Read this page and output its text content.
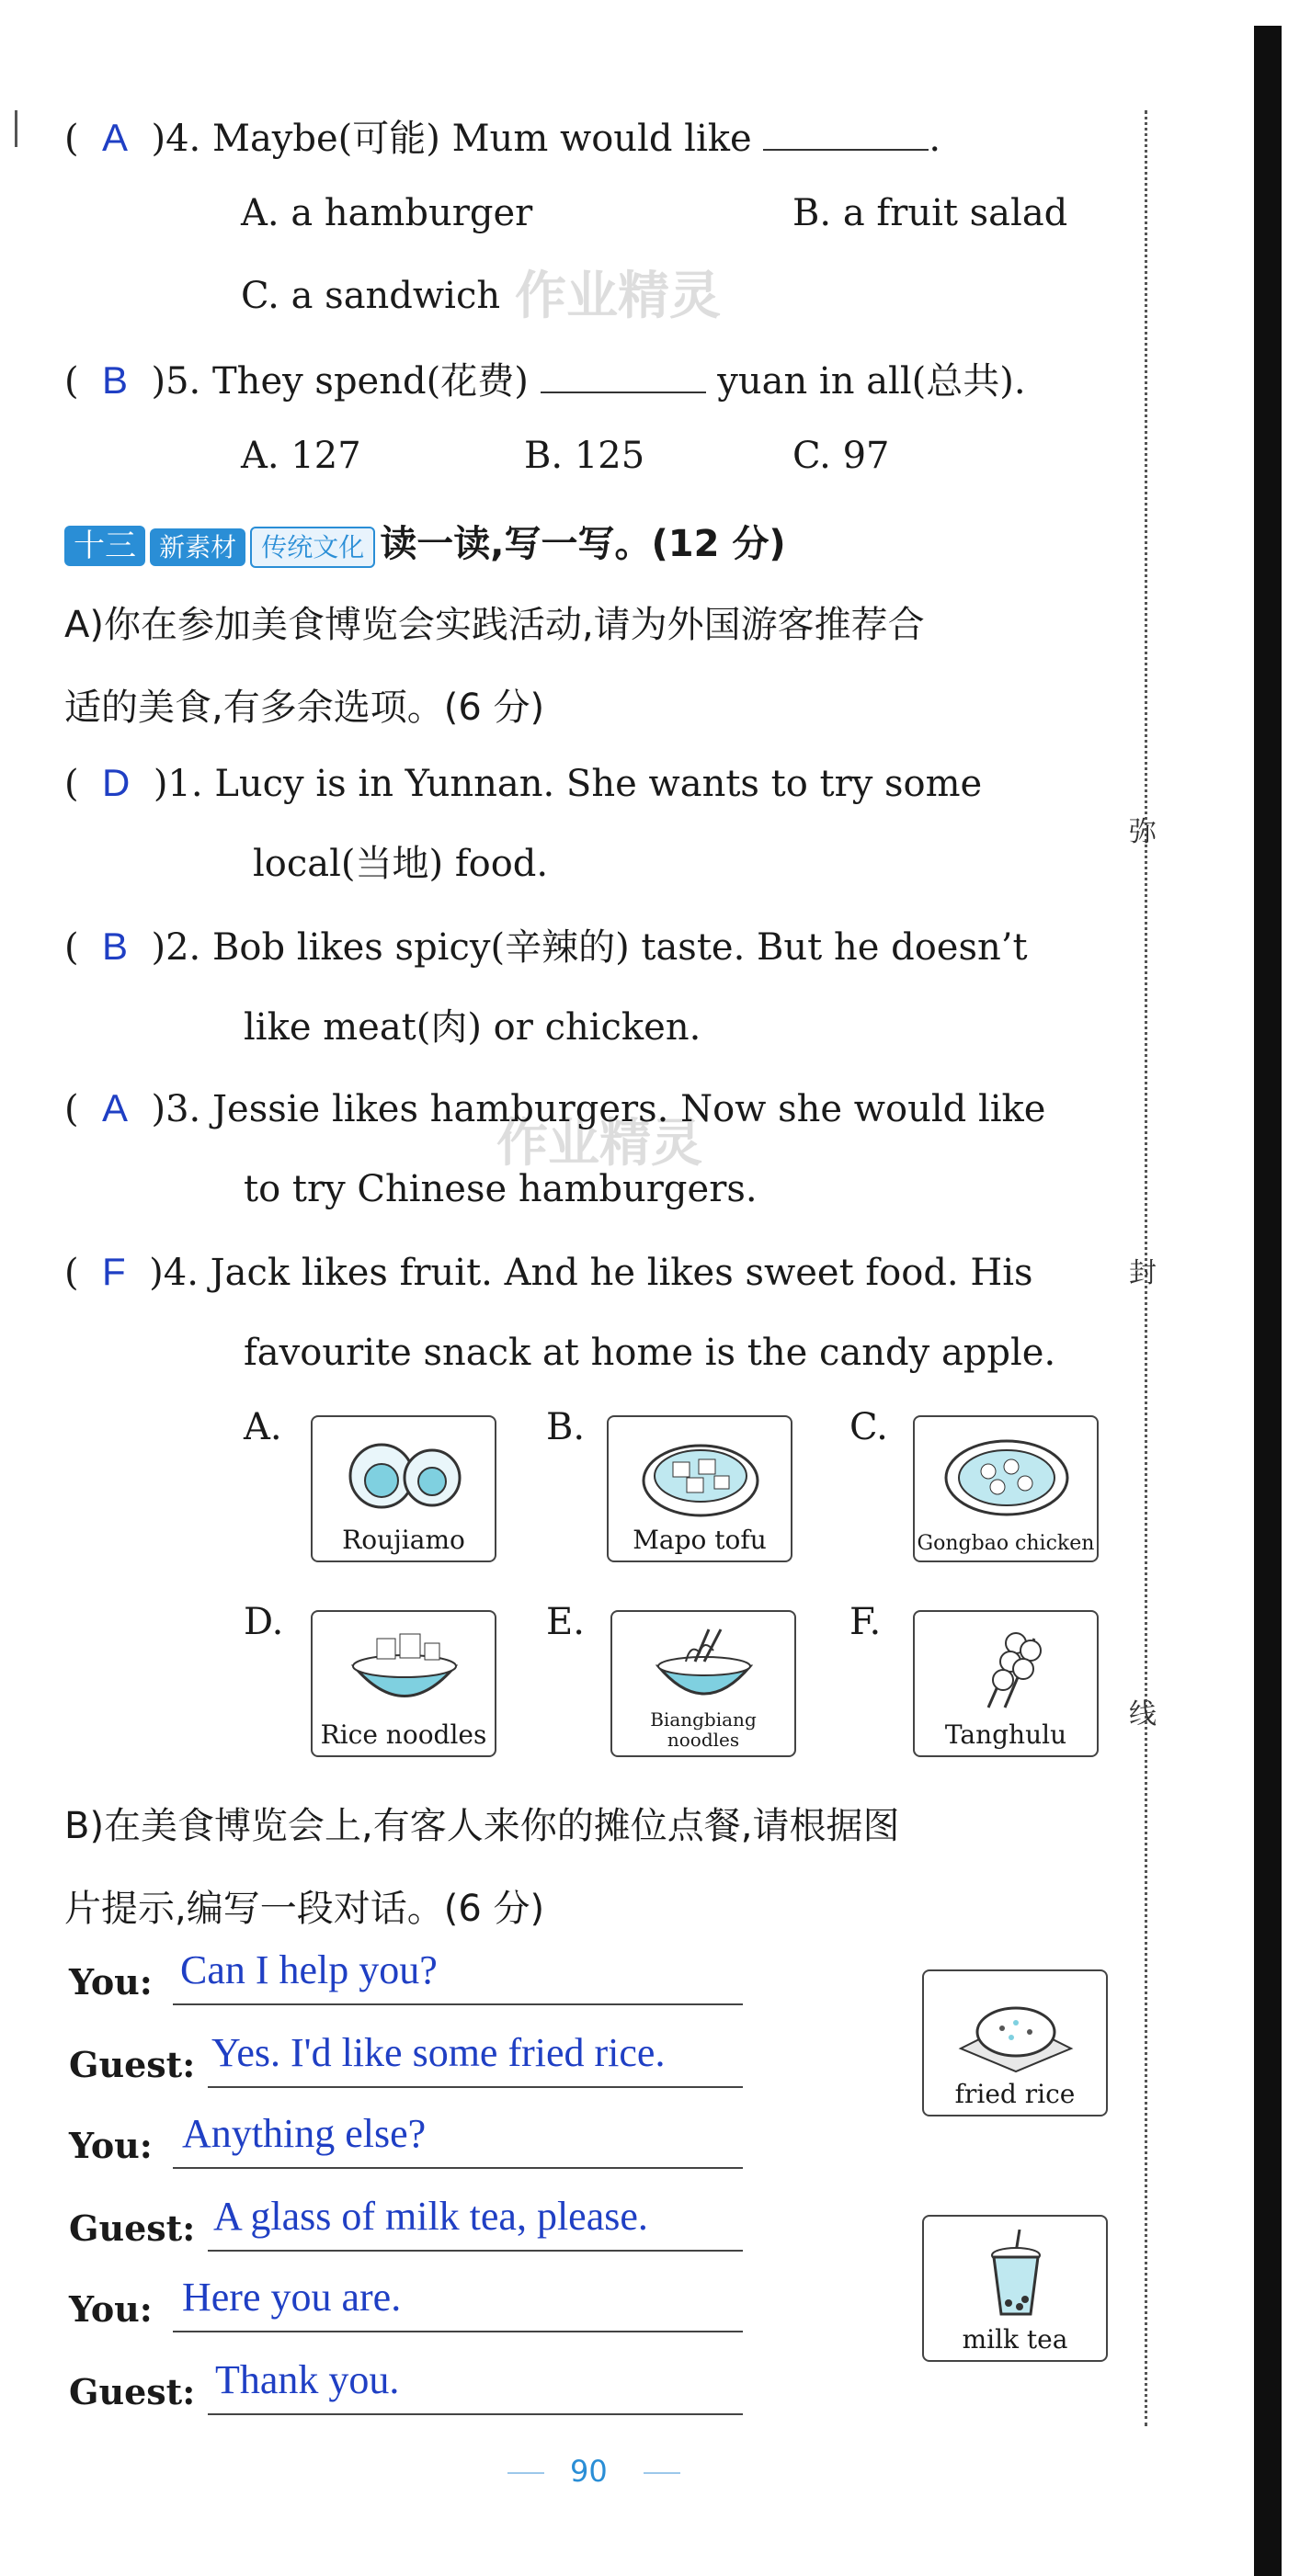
弥
封
线
作业精灵
作业精灵
( A )4. Maybe(可能) Mum would like	.
A. a hamburger	B. a fruit salad
C. a sandwich
( B )5. They spend(花费)	yuan in all(总共).
A. 127	B. 125	C. 97
十三 新素材 传统文化 读一读,写一写。(12 分)
A)你在参加美食博览会实践活动,请为外国游客推荐合
适的美食,有多余选项。(6 分)
( D )1. Lucy is in Yunnan. She wants to try some
local(当地) food.
( B )2. Bob likes spicy(辛辣的) taste. But he doesn’t
like meat(肉) or chicken.
( A )3. Jessie likes hamburgers. Now she would like
to try Chinese hamburgers.
( F )4. Jack likes fruit. And he likes sweet food. His
favourite snack at home is the candy apple.
A.
Roujiamo
B.
Mapo tofu
C.
Gongbao chicken
D.
Rice noodles
E.
Biangbiang
noodles
F.
Tanghulu
B)在美食博览会上,有客人来你的摊位点餐,请根据图
片提示,编写一段对话。(6 分)
You: Can I help you?
Guest: Yes. I'd like some fried rice.
You: Anything else?
Guest: A glass of milk tea, please.
You: Here you are.
Guest: Thank you.
fried rice
milk tea
90
